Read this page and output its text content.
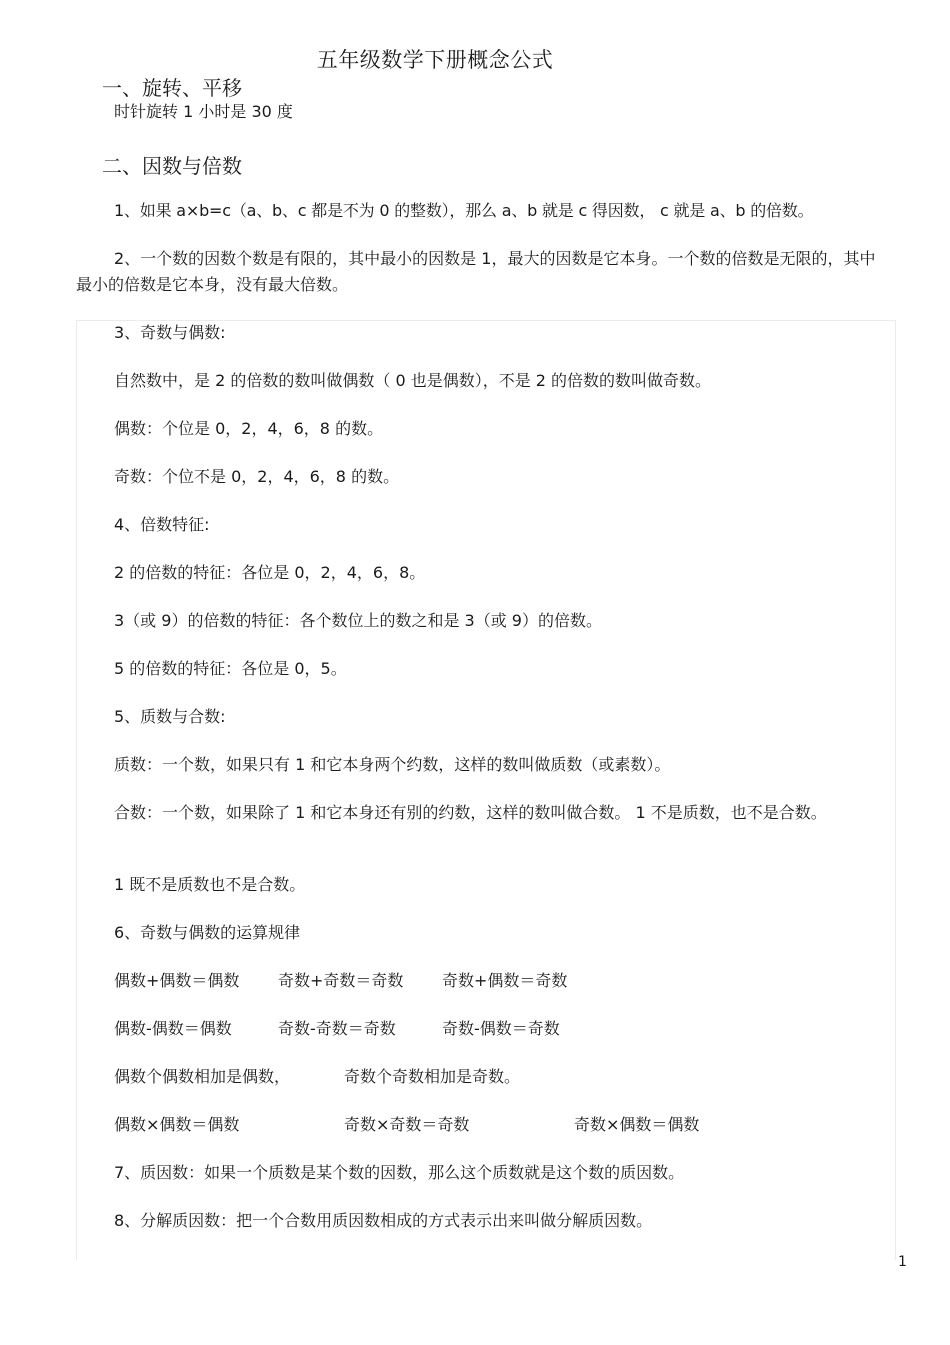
五年级数学下册概念公式
一、旋转、平移
时针旋转 1 小时是 30 度
二、因数与倍数
1、如果 a×b=c（a、b、c 都是不为 0 的整数），那么 a、b 就是 c 得因数， c 就是 a、b 的倍数。
2、一个数的因数个数是有限的，其中最小的因数是 1，最大的因数是它本身。一个数的倍数是无限的，其中最小的倍数是它本身，没有最大倍数。
3、奇数与偶数:
自然数中，是 2 的倍数的数叫做偶数（ 0 也是偶数），不是 2 的倍数的数叫做奇数。
偶数：个位是 0，2，4，6，8 的数。
奇数：个位不是 0，2，4，6，8 的数。
4、倍数特征:
2 的倍数的特征：各位是 0，2，4，6，8。
3（或 9）的倍数的特征：各个数位上的数之和是 3（或 9）的倍数。
5 的倍数的特征：各位是 0，5。
5、质数与合数:
质数：一个数，如果只有 1 和它本身两个约数，这样的数叫做质数（或素数）。
合数：一个数，如果除了 1 和它本身还有别的约数，这样的数叫做合数。 1 不是质数，也不是合数。
1 既不是质数也不是合数。
6、奇数与偶数的运算规律
偶数+偶数＝偶数 奇数+奇数＝奇数 奇数+偶数＝奇数
偶数-偶数＝偶数	奇数-奇数＝奇数	奇数-偶数＝奇数
偶数个偶数相加是偶数，	奇数个奇数相加是奇数。
偶数×偶数＝偶数	奇数×奇数＝奇数	奇数×偶数＝偶数
7、质因数：如果一个质数是某个数的因数，那么这个质数就是这个数的质因数。
8、分解质因数：把一个合数用质因数相成的方式表示出来叫做分解质因数。
1
